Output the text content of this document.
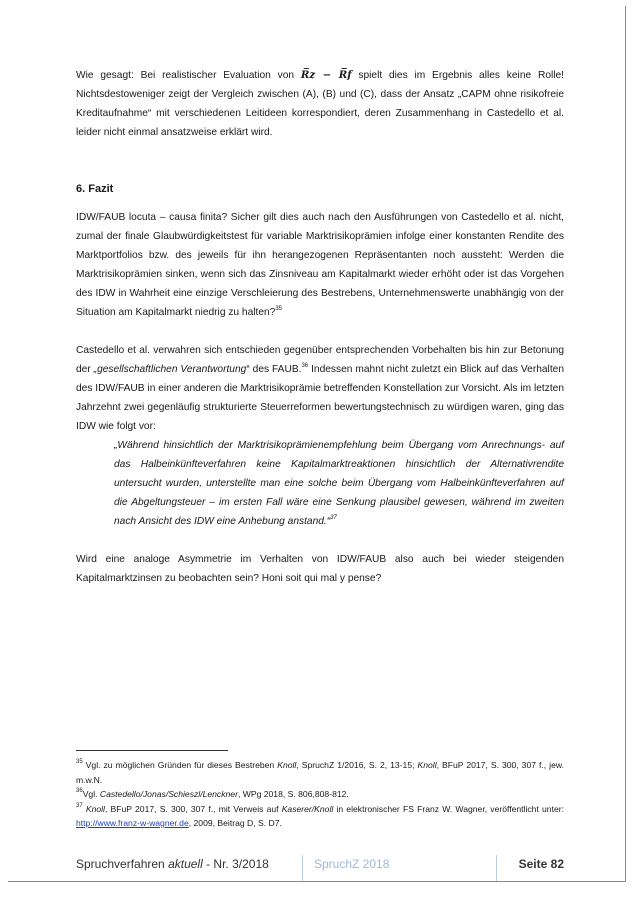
Wie gesagt: Bei realistischer Evaluation von R̅z − R̅f spielt dies im Ergebnis alles keine Rolle! Nichtsdestoweniger zeigt der Vergleich zwischen (A), (B) und (C), dass der Ansatz „CAPM ohne risikofreie Kreditaufnahme“ mit verschiedenen Leitideen korrespondiert, deren Zusammenhang in Castedello et al. leider nicht einmal ansatzweise erklärt wird.

6. Fazit

IDW/FAUB locuta – causa finita? Sicher gilt dies auch nach den Ausführungen von Castedello et al. nicht, zumal der finale Glaubwürdigkeitstest für variable Marktrisikoprämien infolge einer konstanten Rendite des Marktportfolios bzw. des jeweils für ihn herangezogenen Repräsentanten noch aussteht: Werden die Marktrisikoprämien sinken, wenn sich das Zinsniveau am Kapitalmarkt wieder erhöht oder ist das Vorgehen des IDW in Wahrheit eine einzige Verschleierung des Bestrebens, Unternehmenswerte unabhängig von der Situation am Kapitalmarkt niedrig zu halten?$^{35}$

Castedello et al. verwahren sich entschieden gegenüber entsprechenden Vorbehalten bis hin zur Betonung der „gesellschaftlichen Verantwortung“ des FAUB.$^{36}$ Indessen mahnt nicht zuletzt ein Blick auf das Verhalten des IDW/FAUB in einer anderen die Marktrisikoprämie betreffenden Konstellation zur Vorsicht. Als im letzten Jahrzehnt zwei gegenläufig strukturierte Steuerreformen bewertungstechnisch zu würdigen waren, ging das IDW wie folgt vor:

„Während hinsichtlich der Marktrisikoprämienempfehlung beim Übergang vom Anrechnungs- auf das Halbeinkünfteverfahren keine Kapitalmarktreaktionen hinsichtlich der Alternativrendite untersucht wurden, unterstellte man eine solche beim Übergang vom Halbeinkünfteverfahren auf die Abgeltungsteuer – im ersten Fall wäre eine Senkung plausibel gewesen, während im zweiten nach Ansicht des IDW eine Anhebung anstand.“$^{37}$

Wird eine analoge Asymmetrie im Verhalten von IDW/FAUB also auch bei wieder steigenden Kapitalmarktzinsen zu beobachten sein? Honi soit qui mal y pense?

$^{35}$ Vgl. zu möglichen Gründen für dieses Bestreben Knoll, SpruchZ 1/2016, S. 2, 13-15; Knoll, BFuP 2017, S. 300, 307 f., jew. m.w.N.

$^{36}$Vgl. Castedello/Jonas/Schieszl/Lenckner, WPg 2018, S. 806,808-812.

$^{37}$ Knoll, BFuP 2017, S. 300, 307 f., mit Verweis auf Kaserer/Knoll in elektronischer FS Franz W. Wagner, veröffentlicht unter: http://www.franz-w-wagner.de, 2009, Beitrag D, S. D7.

Spruchverfahren aktuell - Nr. 3/2018	SpruchZ 2018	Seite 82
